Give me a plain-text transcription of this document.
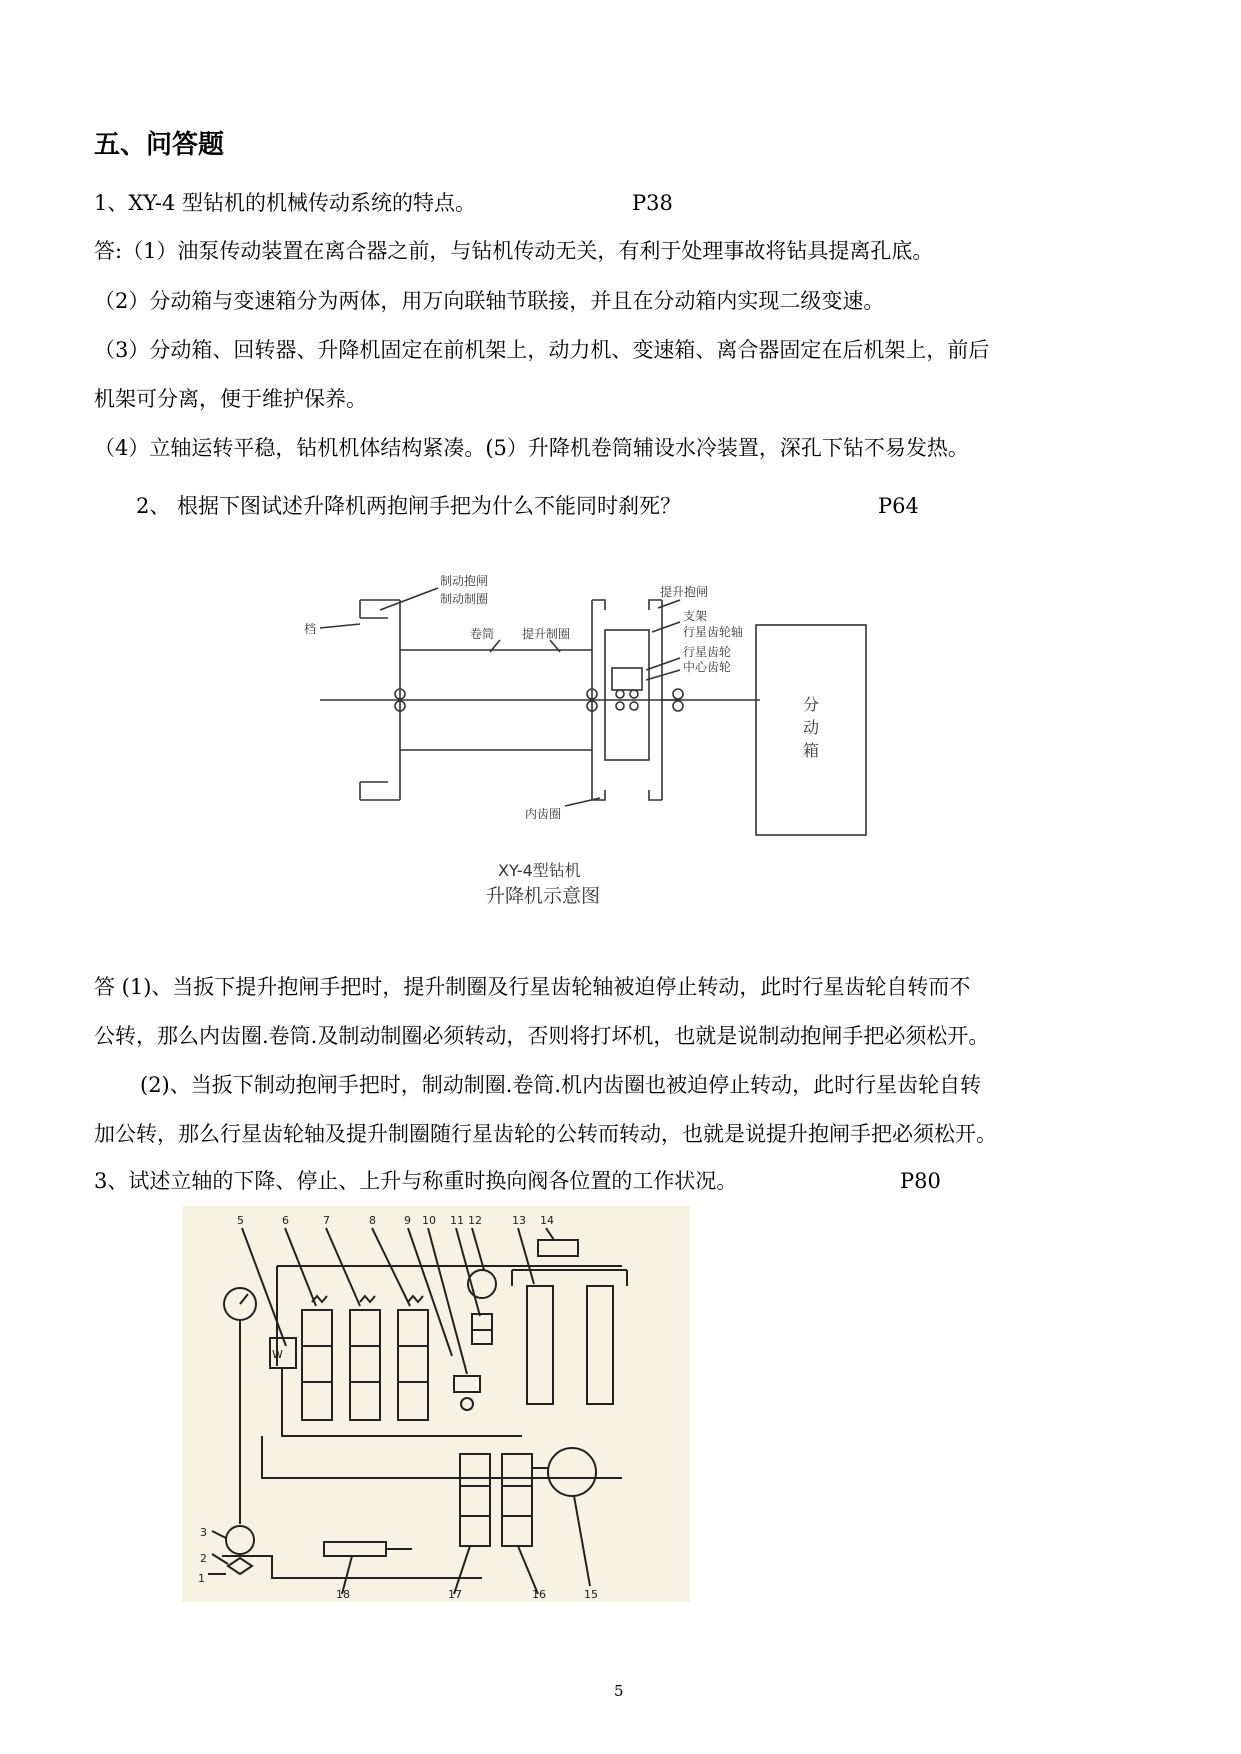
五、问答题
1、XY-4 型钻机的机械传动系统的特点。	P38
答:（1）油泵传动装置在离合器之前，与钻机传动无关，有利于处理事故将钻具提离孔底。
（2）分动箱与变速箱分为两体，用万向联轴节联接，并且在分动箱内实现二级变速。
（3）分动箱、回转器、升降机固定在前机架上，动力机、变速箱、离合器固定在后机架上，前后
机架可分离，便于维护保养。
（4）立轴运转平稳，钻机机体结构紧凑。(5）升降机卷筒辅设水冷装置，深孔下钻不易发热。
2、 根据下图试述升降机两抱闸手把为什么不能同时刹死？	P64
制动抱闸
制动制圈
档	卷筒 提升制圈
提升抱闸
支架
行星齿轮轴
行星齿轮
中心齿轮
内齿圈
分
动
箱
XY-4型钻机
升降机示意图
答 (1)、当扳下提升抱闸手把时，提升制圈及行星齿轮轴被迫停止转动，此时行星齿轮自转而不
公转，那么内齿圈.卷筒.及制动制圈必须转动，否则将打坏机，也就是说制动抱闸手把必须松开。
(2)、当扳下制动抱闸手把时，制动制圈.卷筒.机内齿圈也被迫停止转动，此时行星齿轮自转
加公转，那么行星齿轮轴及提升制圈随行星齿轮的公转而转动，也就是说提升抱闸手把必须松开。
3、试述立轴的下降、停止、上升与称重时换向阀各位置的工作状况。	P80
5	6	7	8	9 10 11 12	13 14
1
2
3
15
16
17
18
W
5
